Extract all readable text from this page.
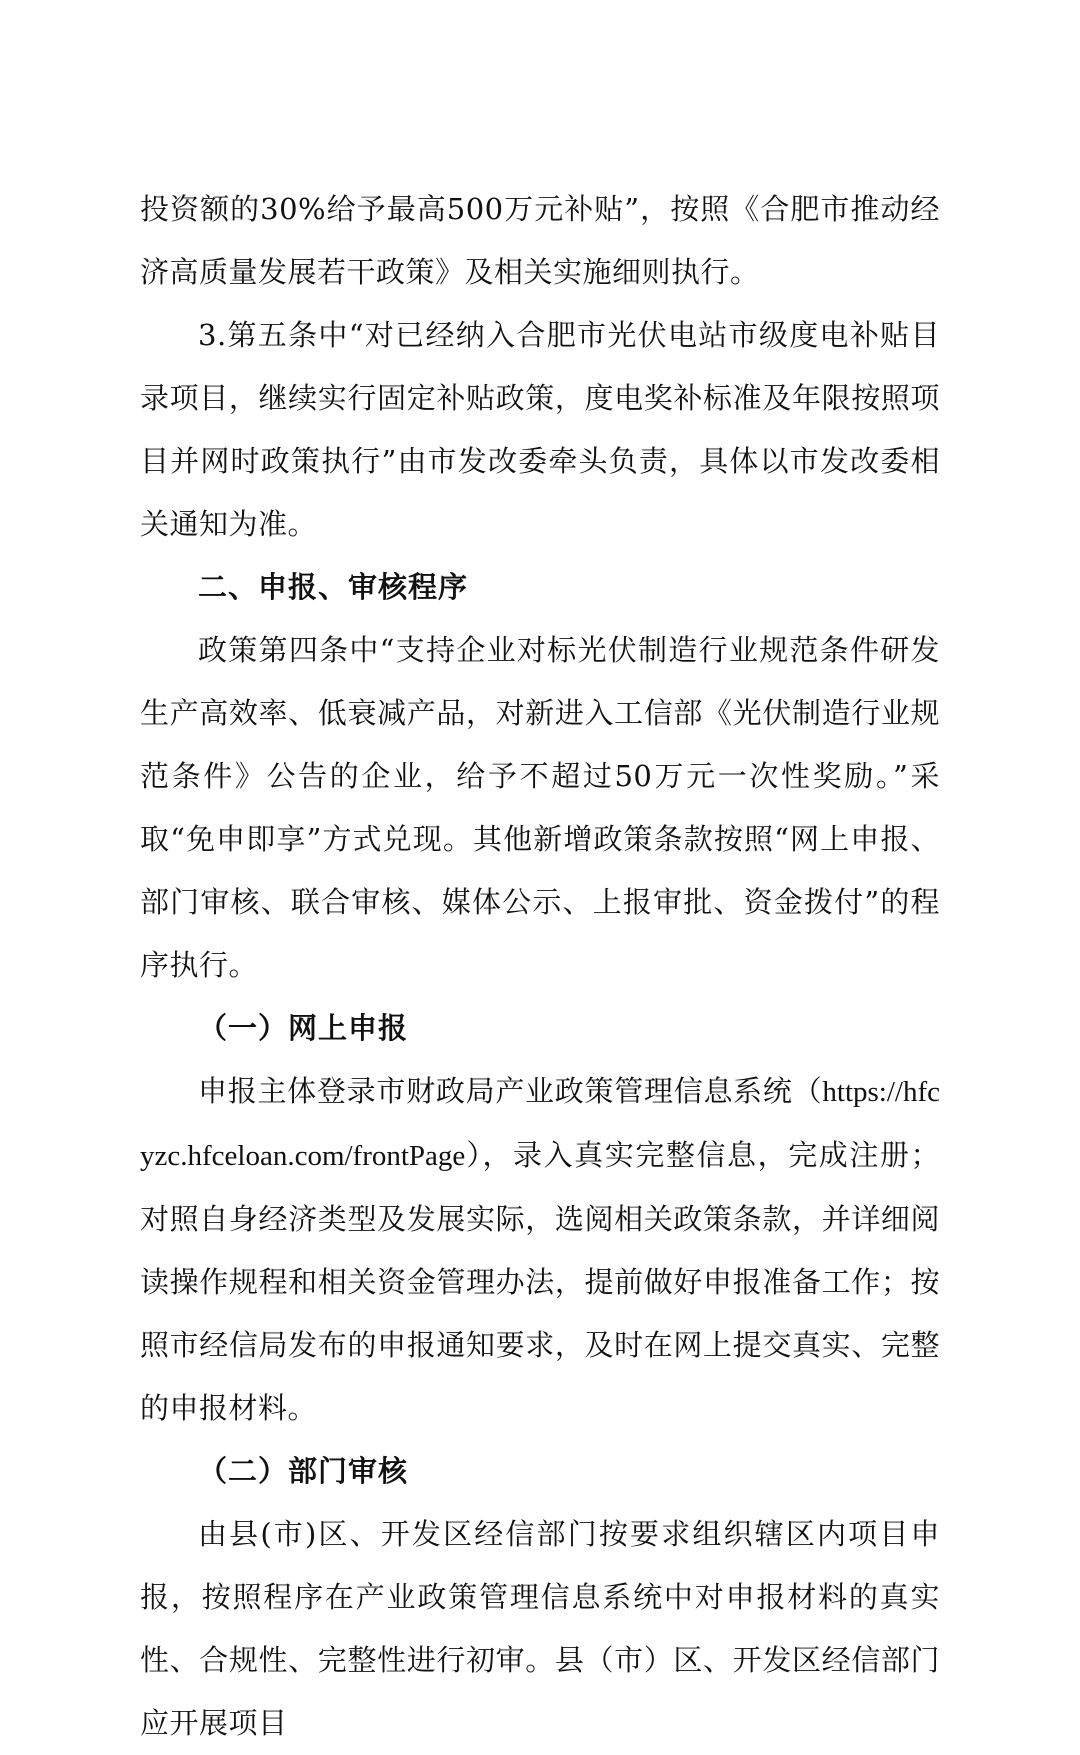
投资额的30%给予最高500万元补贴”，按照《合肥市推动经济高质量发展若干政策》及相关实施细则执行。

3.第五条中“对已经纳入合肥市光伏电站市级度电补贴目录项目，继续实行固定补贴政策，度电奖补标准及年限按照项目并网时政策执行”由市发改委牵头负责，具体以市发改委相关通知为准。

二、申报、审核程序

政策第四条中“支持企业对标光伏制造行业规范条件研发生产高效率、低衰减产品，对新进入工信部《光伏制造行业规范条件》公告的企业，给予不超过50万元一次性奖励。”采取“免申即享”方式兑现。其他新增政策条款按照“网上申报、部门审核、联合审核、媒体公示、上报审批、资金拨付”的程序执行。

（一）网上申报

申报主体登录市财政局产业政策管理信息系统（https://hfcyzc.hfceloan.com/frontPage），录入真实完整信息，完成注册；对照自身经济类型及发展实际，选阅相关政策条款，并详细阅读操作规程和相关资金管理办法，提前做好申报准备工作；按照市经信局发布的申报通知要求，及时在网上提交真实、完整的申报材料。

（二）部门审核

由县(市)区、开发区经信部门按要求组织辖区内项目申报，按照程序在产业政策管理信息系统中对申报材料的真实性、合规性、完整性进行初审。县（市）区、开发区经信部门应开展项目
